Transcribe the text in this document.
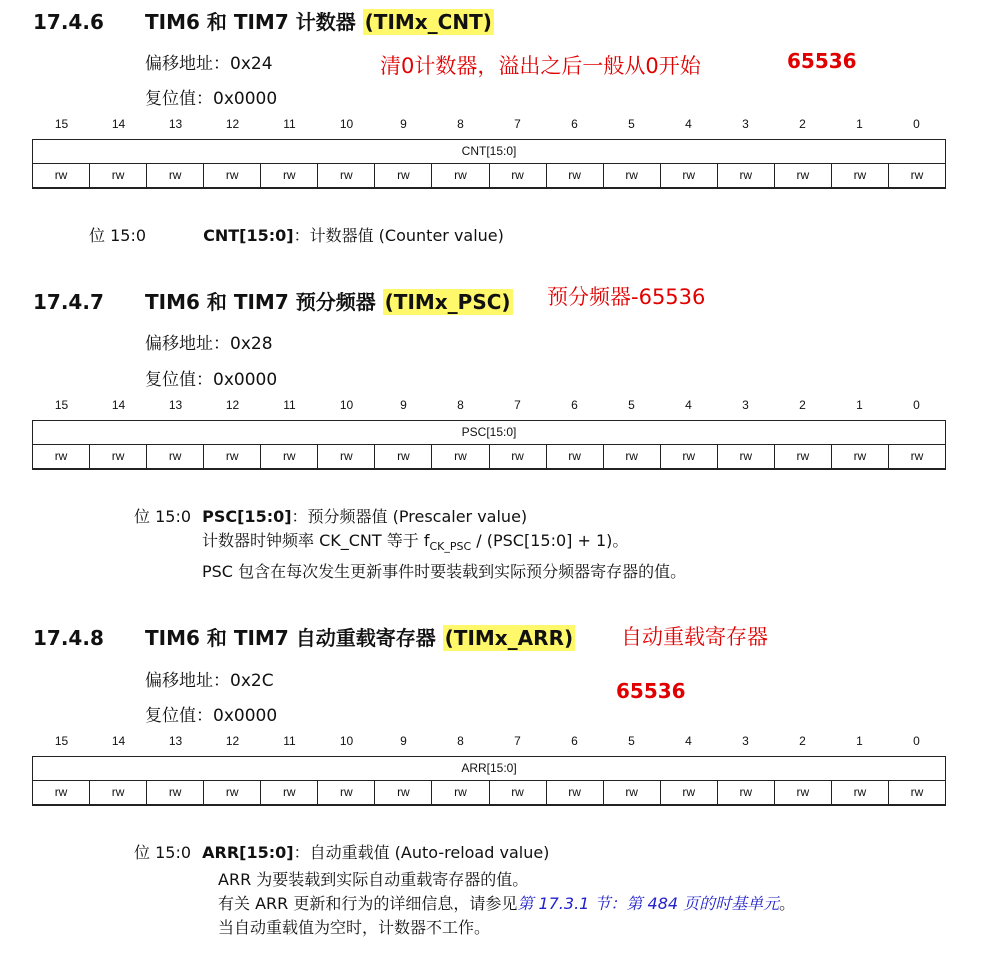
17.4.6 TIM6 和 TIM7 计数器 (TIMx_CNT)
偏移地址：0x24	清0计数器，溢出之后一般从0开始	65536
复位值：0x0000
15	14	13	12	11	10	9	8	7	6	5	4	3	2	1	0
CNT[15:0]
rw	rw	rw	rw	rw	rw	rw	rw	rw	rw	rw	rw	rw	rw	rw	rw
位 15:0	CNT[15:0]：计数器值 (Counter value)
17.4.7 TIM6 和 TIM7 预分频器 (TIMx_PSC) 预分频器-65536
偏移地址：0x28
复位值：0x0000
15	14	13	12	11	10	9	8	7	6	5	4	3	2	1	0
PSC[15:0]
rw	rw	rw	rw	rw	rw	rw	rw	rw	rw	rw	rw	rw	rw	rw	rw
位 15:0 PSC[15:0]：预分频器值 (Prescaler value)
计数器时钟频率 CK_CNT 等于 $f_{CK\_PSC}$ / (PSC[15:0] + 1)。
PSC 包含在每次发生更新事件时要装载到实际预分频器寄存器的值。
17.4.8 TIM6 和 TIM7 自动重载寄存器 (TIMx_ARR) 自动重载寄存器
偏移地址：0x2C	65536
复位值：0x0000
15	14	13	12	11	10	9	8	7	6	5	4	3	2	1	0
ARR[15:0]
rw	rw	rw	rw	rw	rw	rw	rw	rw	rw	rw	rw	rw	rw	rw	rw
位 15:0 ARR[15:0]：自动重载值 (Auto-reload value)
ARR 为要装载到实际自动重载寄存器的值。
有关 ARR 更新和行为的详细信息，请参见第 17.3.1 节：第 484 页的时基单元。
当自动重载值为空时，计数器不工作。
